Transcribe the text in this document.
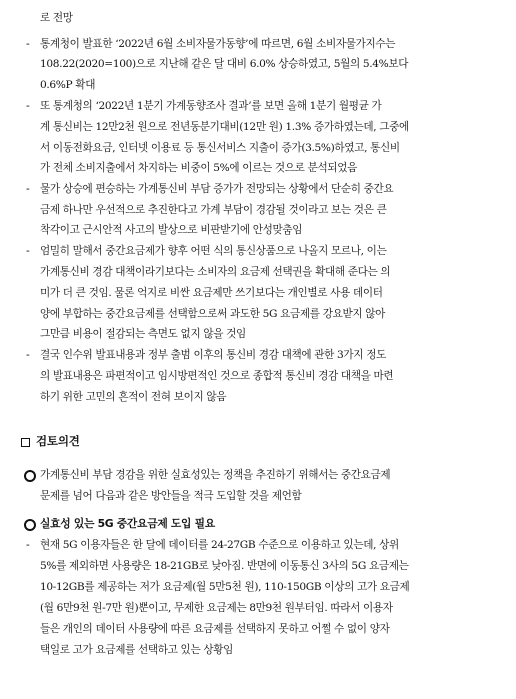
로 전망
- 통계청이 발표한 ‘2022년 6월 소비자물가동향’에 따르면, 6월 소비자물가지수는
108.22(2020=100)으로 지난해 같은 달 대비 6.0% 상승하였고, 5월의 5.4%보다
0.6%P 확대
- 또 통계청의 ‘2022년 1분기 가계동향조사 결과’를 보면 올해 1분기 월평균 가
계 통신비는 12만2천 원으로 전년동분기대비(12만 원) 1.3% 증가하였는데, 그중에
서 이동전화요금, 인터넷 이용료 등 통신서비스 지출이 증가(3.5%)하였고, 통신비
가 전체 소비지출에서 차지하는 비중이 5%에 이르는 것으로 분석되었음
- 물가 상승에 편승하는 가계통신비 부담 증가가 전망되는 상황에서 단순히 중간요
금제 하나만 우선적으로 추진한다고 가계 부담이 경감될 것이라고 보는 것은 큰
착각이고 근시안적 사고의 발상으로 비판받기에 안성맞춤임
- 엄밀히 말해서 중간요금제가 향후 어떤 식의 통신상품으로 나올지 모르나, 이는
가계통신비 경감 대책이라기보다는 소비자의 요금제 선택권을 확대해 준다는 의
미가 더 큰 것임. 물론 억지로 비싼 요금제만 쓰기보다는 개인별로 사용 데이터
양에 부합하는 중간요금제를 선택함으로써 과도한 5G 요금제를 강요받지 않아
그만큼 비용이 절감되는 측면도 없지 않을 것임
- 결국 인수위 발표내용과 정부 출범 이후의 통신비 경감 대책에 관한 3가지 정도
의 발표내용은 파편적이고 임시방편적인 것으로 종합적 통신비 경감 대책을 마련
하기 위한 고민의 흔적이 전혀 보이지 않음
검토의견
가계통신비 부담 경감을 위한 실효성있는 정책을 추진하기 위해서는 중간요금제
문제를 넘어 다음과 같은 방안들을 적극 도입할 것을 제언함
실효성 있는 5G 중간요금제 도입 필요
- 현재 5G 이용자들은 한 달에 데이터를 24-27GB 수준으로 이용하고 있는데, 상위
5%를 제외하면 사용량은 18-21GB로 낮아짐. 반면에 이동통신 3사의 5G 요금제는
10-12GB를 제공하는 저가 요금제(월 5만5천 원), 110-150GB 이상의 고가 요금제
(월 6만9천 원-7만 원)뿐이고, 무제한 요금제는 8만9천 원부터임. 따라서 이용자
들은 개인의 데이터 사용량에 따른 요금제를 선택하지 못하고 어쩔 수 없이 양자
택일로 고가 요금제를 선택하고 있는 상황임
